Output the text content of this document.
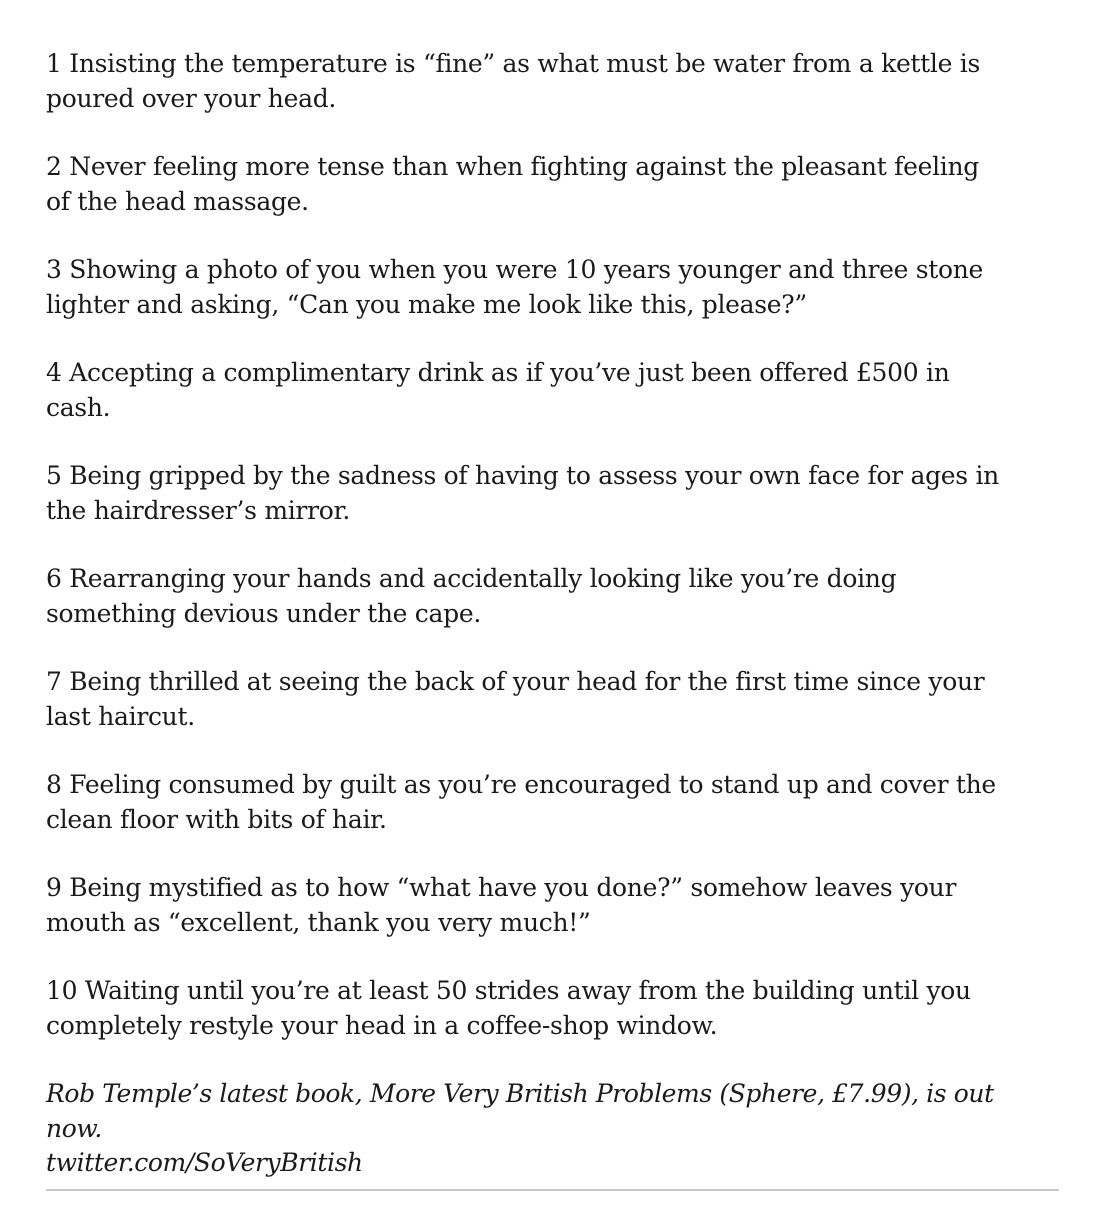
1 Insisting the temperature is “fine” as what must be water from a kettle is poured over your head.

2 Never feeling more tense than when fighting against the pleasant feeling of the head massage.

3 Showing a photo of you when you were 10 years younger and three stone lighter and asking, “Can you make me look like this, please?”

4 Accepting a complimentary drink as if you’ve just been offered £500 in cash.

5 Being gripped by the sadness of having to assess your own face for ages in the hairdresser’s mirror.

6 Rearranging your hands and accidentally looking like you’re doing something devious under the cape.

7 Being thrilled at seeing the back of your head for the first time since your last haircut.

8 Feeling consumed by guilt as you’re encouraged to stand up and cover the clean floor with bits of hair.

9 Being mystified as to how “what have you done?” somehow leaves your mouth as “excellent, thank you very much!”

10 Waiting until you’re at least 50 strides away from the building until you completely restyle your head in a coffee-shop window.

Rob Temple’s latest book, More Very British Problems (Sphere, £7.99), is out now.
twitter.com/SoVeryBritish
